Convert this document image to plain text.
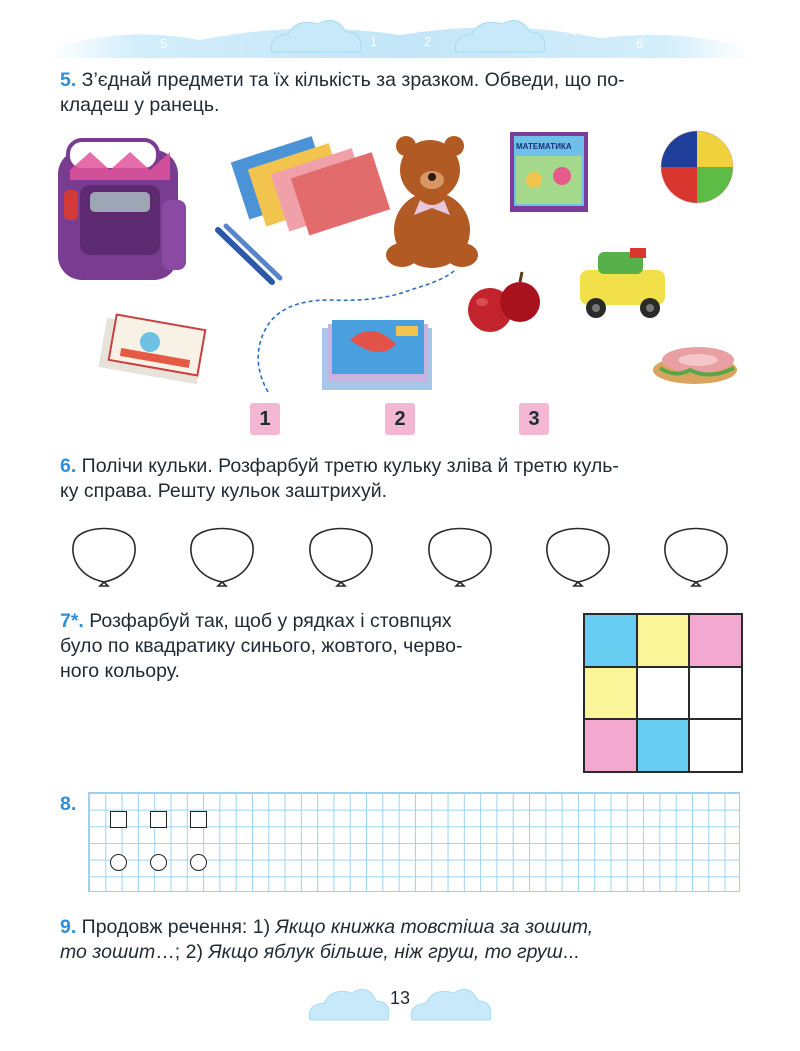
7
5
3
1
0
2
4
6
8
5. З’єднай предмети та їх кількість за зразком. Обведи, що по-
кладеш у ранець.
МАТЕМАТИКА
1	2	3
6. Полічи кульки. Розфарбуй третю кульку зліва й третю куль-
ку справа. Решту кульок заштрихуй.
7*. Розфарбуй так, щоб у рядках і стовпцях
було по квадратику синього, жовтого, черво-
ного кольору.
8.
9. Продовж речення: 1) Якщо книжка товстіша за зошит,
то зошит…; 2) Якщо яблук більше, ніж груш, то груш...
13
